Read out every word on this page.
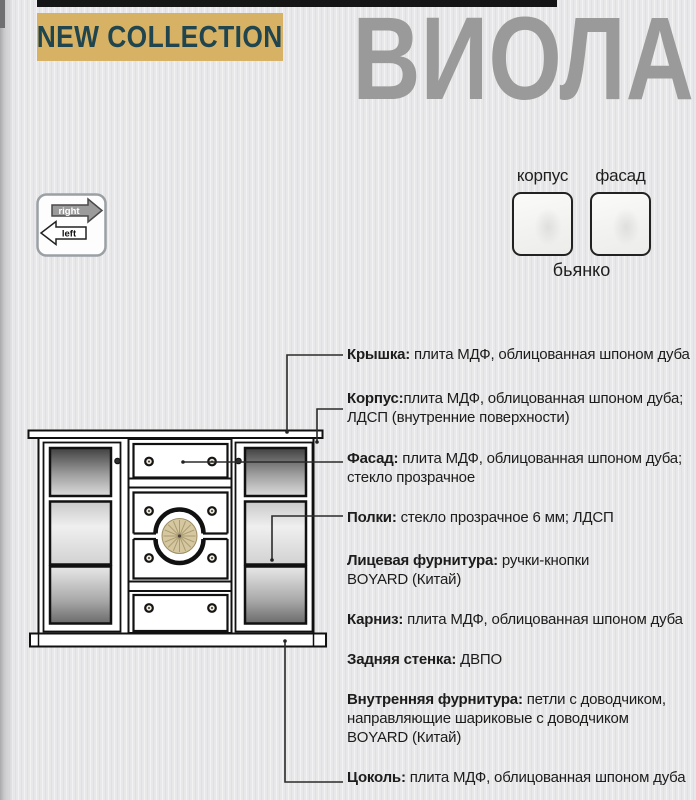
NEW COLLECTION ВИОЛА
right
left
корпус	фасад
бьянко
Крышка: плита МДФ, облицованная шпоном дуба
Корпус:плита МДФ, облицованная шпоном дуба;
ЛДСП (внутренние поверхности)
Фасад: плита МДФ, облицованная шпоном дуба;
стекло прозрачное
Полки: стекло прозрачное 6 мм; ЛДСП
Лицевая фурнитура: ручки-кнопки
BOYARD (Китай)
Карниз: плита МДФ, облицованная шпоном дуба
Задняя стенка: ДВПО
Внутренняя фурнитура: петли с доводчиком,
направляющие шариковые с доводчиком
BOYARD (Китай)
Цоколь: плита МДФ, облицованная шпоном дуба
